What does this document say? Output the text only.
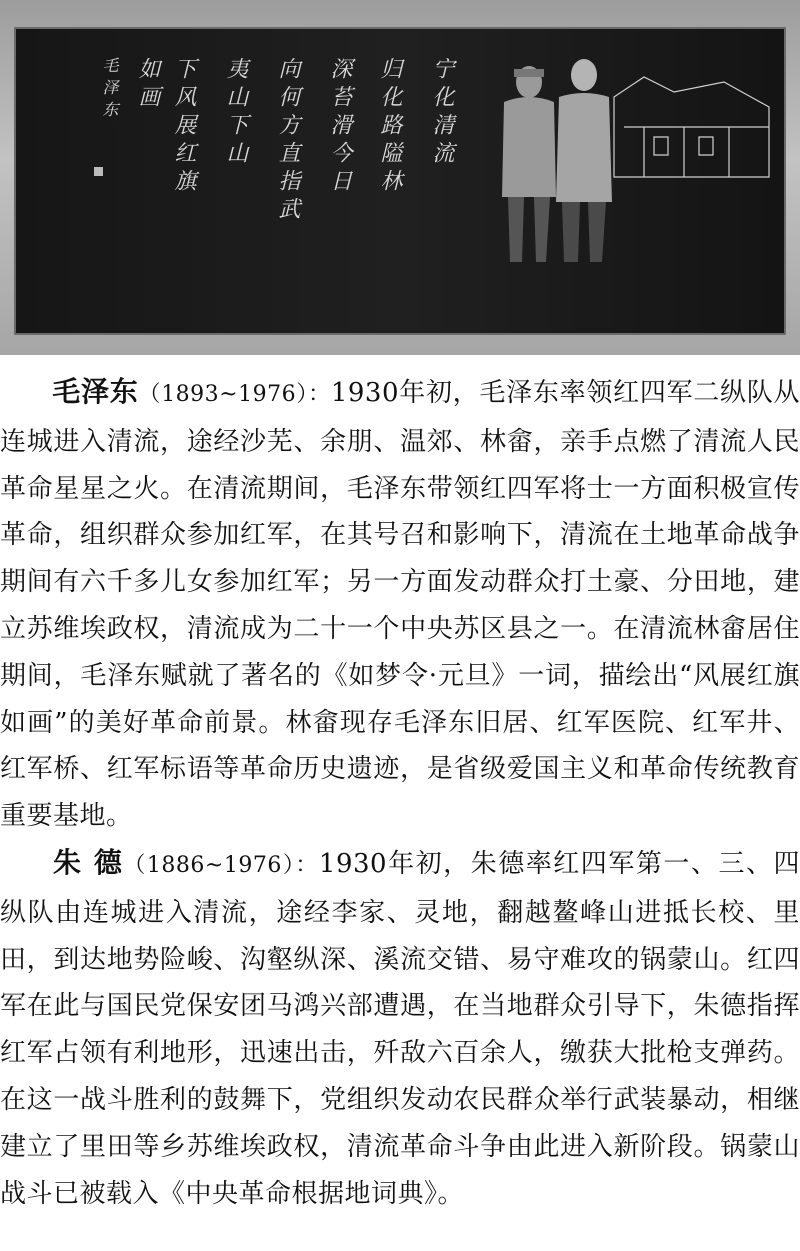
宁化清流
归化路隘林
深苔滑今日
向何方直指武
夷山下山
下风展红旗
如画
毛泽东

毛泽东（1893~1976）：1930年初，毛泽东率领红四军二纵队从连城进入清流，途经沙芜、余朋、温郊、林畲，亲手点燃了清流人民革命星星之火。在清流期间，毛泽东带领红四军将士一方面积极宣传革命，组织群众参加红军，在其号召和影响下，清流在土地革命战争期间有六千多儿女参加红军；另一方面发动群众打土豪、分田地，建立苏维埃政权，清流成为二十一个中央苏区县之一。在清流林畲居住期间，毛泽东赋就了著名的《如梦令·元旦》一词，描绘出“风展红旗如画”的美好革命前景。林畲现存毛泽东旧居、红军医院、红军井、红军桥、红军标语等革命历史遗迹，是省级爱国主义和革命传统教育重要基地。

朱 德（1886~1976）：1930年初，朱德率红四军第一、三、四纵队由连城进入清流，途经李家、灵地，翻越鳌峰山进抵长校、里田，到达地势险峻、沟壑纵深、溪流交错、易守难攻的锅蒙山。红四军在此与国民党保安团马鸿兴部遭遇，在当地群众引导下，朱德指挥红军占领有利地形，迅速出击，歼敌六百余人，缴获大批枪支弹药。在这一战斗胜利的鼓舞下，党组织发动农民群众举行武装暴动，相继建立了里田等乡苏维埃政权，清流革命斗争由此进入新阶段。锅蒙山战斗已被载入《中央革命根据地词典》。
